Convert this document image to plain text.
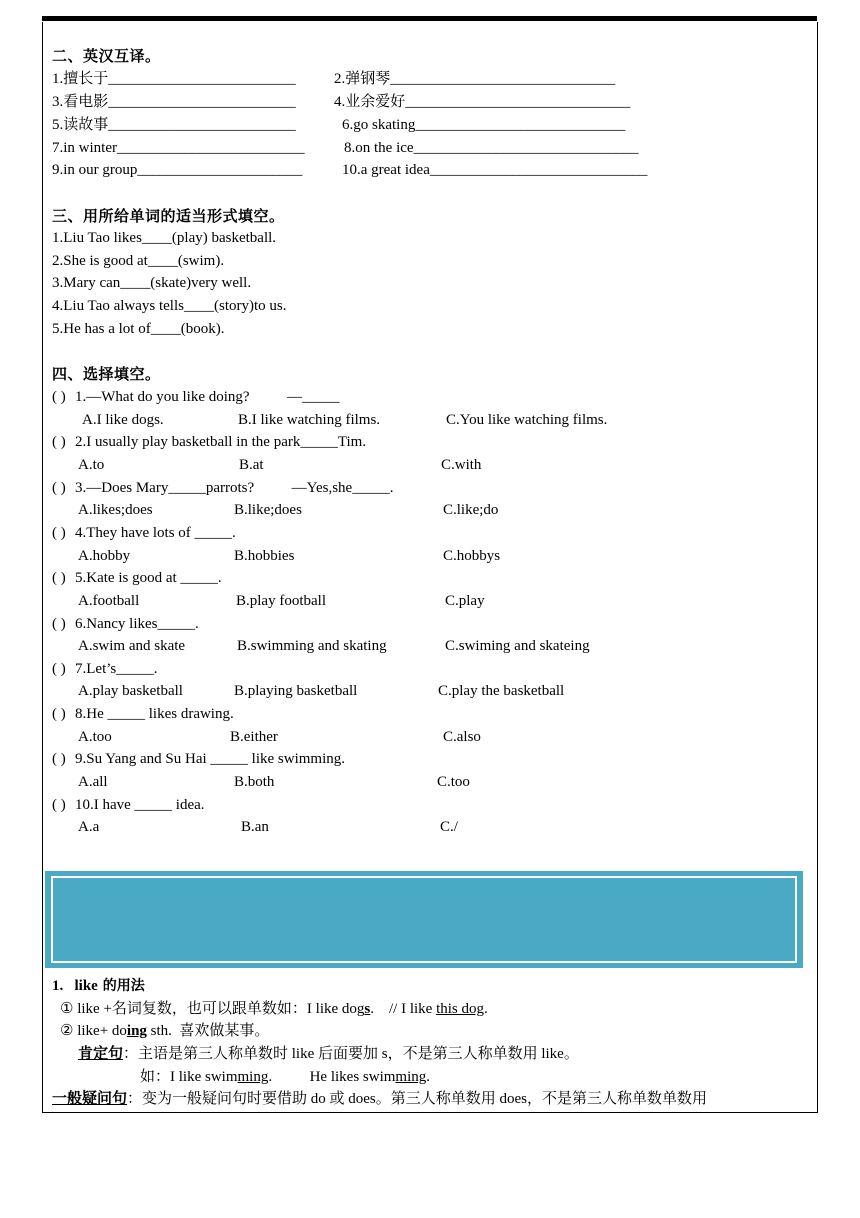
二、英汉互译。
1.擅长于_________________________	2.弹钢琴______________________________
3.看电影_________________________	4.业余爱好______________________________
5.读故事_________________________	6.go skating____________________________
7.in winter_________________________	8.on the ice______________________________
9.in our group______________________	10.a great idea_____________________________
三、用所给单词的适当形式填空。
1.Liu Tao likes____(play) basketball.
2.She is good at____(swim).
3.Mary can____(skate)very well.
4.Liu Tao always tells____(story)to us.
5.He has a lot of____(book).
四、选择填空。
( ) 1.—What do you like doing?          —_____
A.I like dogs.	B.I like watching films.	C.You like watching films.
( ) 2.I usually play basketball in the park_____Tim.
A.to	B.at	C.with
( ) 3.—Does Mary_____parrots?          —Yes,she_____.
A.likes;does	B.like;does	C.like;do
( ) 4.They have lots of _____.
A.hobby	B.hobbies	C.hobbys
( ) 5.Kate is good at _____.
A.football	B.play football	C.play
( ) 6.Nancy likes_____.
A.swim and skate	B.swimming and skating	C.swiming and skateing
( ) 7.Let’s_____.
A.play basketball	B.playing basketball	C.play the basketball
( ) 8.He _____ likes drawing.
A.too	B.either	C.also
( ) 9.Su Yang and Su Hai _____ like swimming.
A.all	B.both	C.too
( ) 10.I have _____ idea.
A.a	B.an	C./
1. like 的用法
① like +名词复数，也可以跟单数如：I like dogs.    // I like this dog.
② like+ doing sth.  喜欢做某事。
肯定句：主语是第三人称单数时 like 后面要加 s，不是第三人称单数用 like。
如：I like swimming.          He likes swimming.
一般疑问句：变为一般疑问句时要借助 do 或 does。第三人称单数用 does，不是第三人称单数单数用
